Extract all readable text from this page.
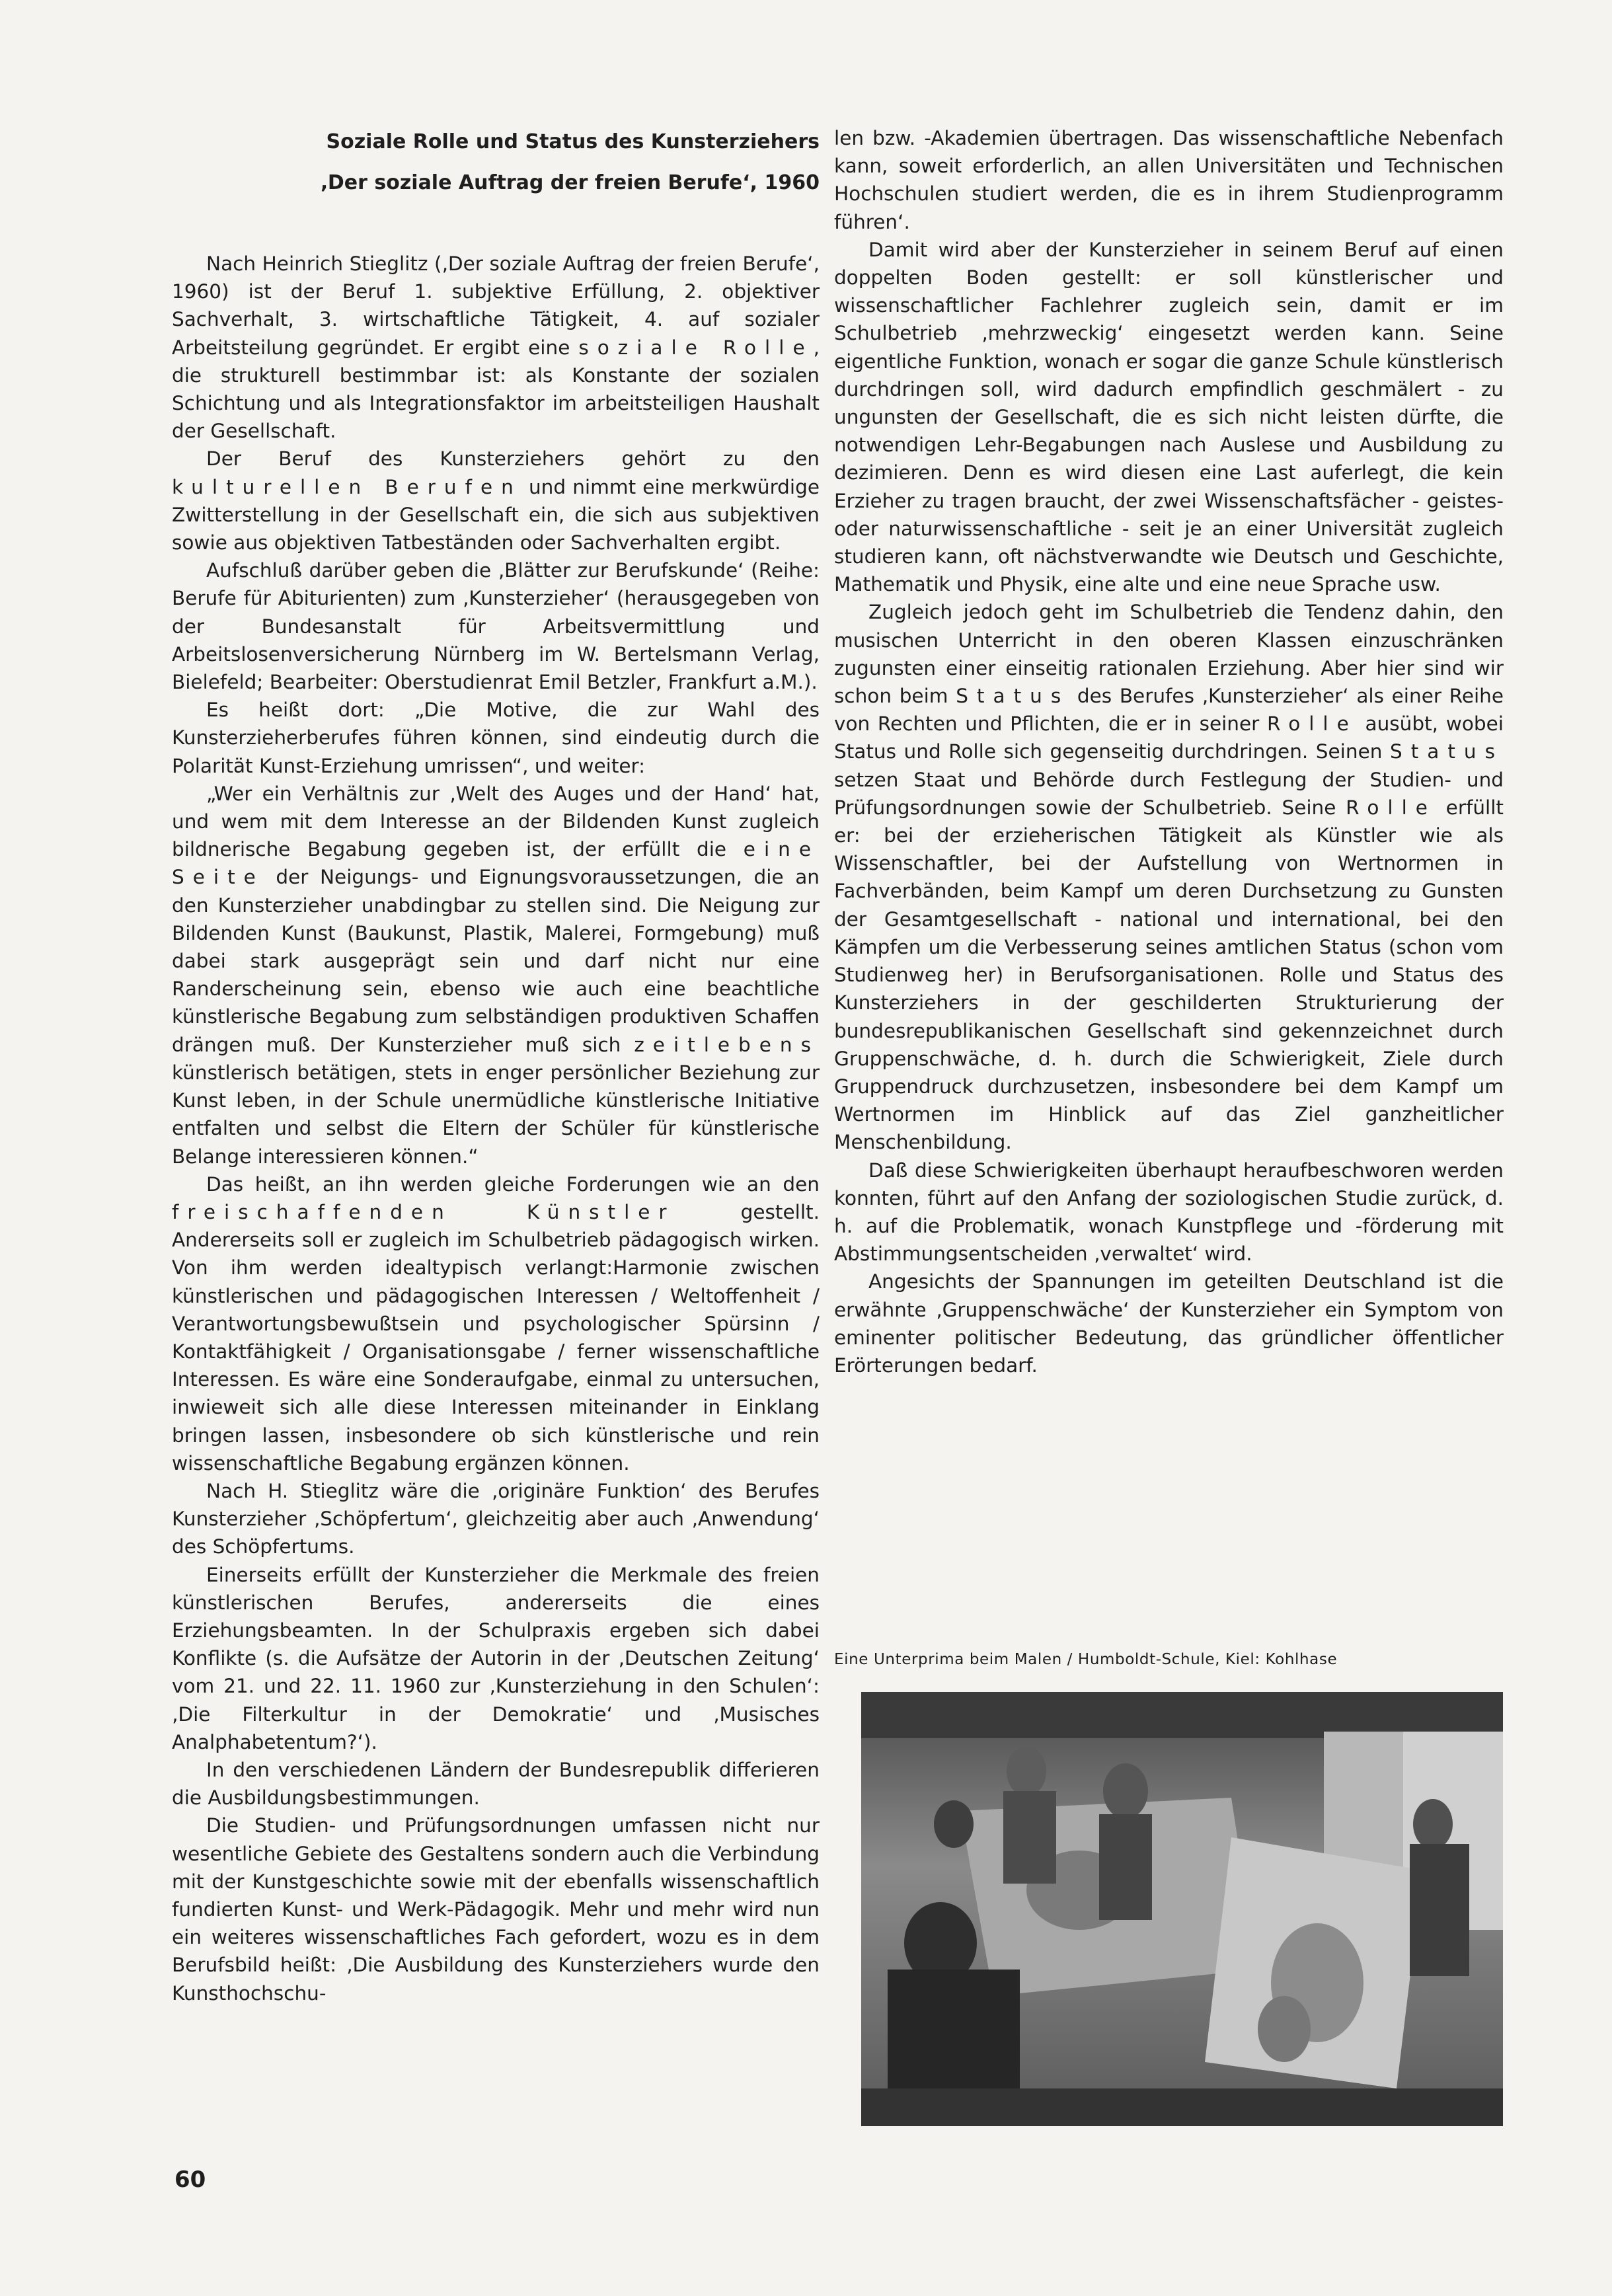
Soziale Rolle und Status des Kunsterziehers
‚Der soziale Auftrag der freien Berufe‘, 1960

Nach Heinrich Stieglitz (‚Der soziale Auftrag der freien Berufe‘, 1960) ist der Beruf 1. subjektive Erfüllung, 2. objektiver Sachverhalt, 3. wirtschaftliche Tätigkeit, 4. auf sozialer Arbeitsteilung gegründet. Er ergibt eine soziale Rolle, die strukturell bestimmbar ist: als Konstante der sozialen Schichtung und als Integrationsfaktor im arbeitsteiligen Haushalt der Gesellschaft.

Der Beruf des Kunsterziehers gehört zu den kulturellen Berufen und nimmt eine merkwürdige Zwitterstellung in der Gesellschaft ein, die sich aus subjektiven sowie aus objektiven Tatbeständen oder Sachverhalten ergibt.

Aufschluß darüber geben die ‚Blätter zur Berufskunde‘ (Reihe: Berufe für Abiturienten) zum ‚Kunsterzieher‘ (herausgegeben von der Bundesanstalt für Arbeitsvermittlung und Arbeitslosenversicherung Nürnberg im W. Bertelsmann Verlag, Bielefeld; Bearbeiter: Oberstudienrat Emil Betzler, Frankfurt a.M.).

Es heißt dort: „Die Motive, die zur Wahl des Kunsterzieherberufes führen können, sind eindeutig durch die Polarität Kunst-Erziehung umrissen“, und weiter:

„Wer ein Verhältnis zur ‚Welt des Auges und der Hand‘ hat, und wem mit dem Interesse an der Bildenden Kunst zugleich bildnerische Begabung gegeben ist, der erfüllt die eine Seite der Neigungs- und Eignungsvoraussetzungen, die an den Kunsterzieher unabdingbar zu stellen sind. Die Neigung zur Bildenden Kunst (Baukunst, Plastik, Malerei, Formgebung) muß dabei stark ausgeprägt sein und darf nicht nur eine Randerscheinung sein, ebenso wie auch eine beachtliche künstlerische Begabung zum selbständigen produktiven Schaffen drängen muß. Der Kunsterzieher muß sich zeitlebens künstlerisch betätigen, stets in enger persönlicher Beziehung zur Kunst leben, in der Schule unermüdliche künstlerische Initiative entfalten und selbst die Eltern der Schüler für künstlerische Belange interessieren können.“

Das heißt, an ihn werden gleiche Forderungen wie an den freischaffenden Künstler gestellt. Andererseits soll er zugleich im Schulbetrieb pädagogisch wirken. Von ihm werden idealtypisch verlangt:Harmonie zwischen künstlerischen und pädagogischen Interessen / Weltoffenheit / Verantwortungsbewußtsein und psychologischer Spürsinn / Kontaktfähigkeit / Organisationsgabe / ferner wissenschaftliche Interessen. Es wäre eine Sonderaufgabe, einmal zu untersuchen, inwieweit sich alle diese Interessen miteinander in Einklang bringen lassen, insbesondere ob sich künstlerische und rein wissenschaftliche Begabung ergänzen können.

Nach H. Stieglitz wäre die ‚originäre Funktion‘ des Berufes Kunsterzieher ‚Schöpfertum‘, gleichzeitig aber auch ‚Anwendung‘ des Schöpfertums.

Einerseits erfüllt der Kunsterzieher die Merkmale des freien künstlerischen Berufes, andererseits die eines Erziehungsbeamten. In der Schulpraxis ergeben sich dabei Konflikte (s. die Aufsätze der Autorin in der ‚Deutschen Zeitung‘ vom 21. und 22. 11. 1960 zur ‚Kunsterziehung in den Schulen‘: ‚Die Filterkultur in der Demokratie‘ und ‚Musisches Analphabetentum?‘).

In den verschiedenen Ländern der Bundesrepublik differieren die Ausbildungsbestimmungen.

Die Studien- und Prüfungsordnungen umfassen nicht nur wesentliche Gebiete des Gestaltens sondern auch die Verbindung mit der Kunstgeschichte sowie mit der ebenfalls wissenschaftlich fundierten Kunst- und Werk-Pädagogik. Mehr und mehr wird nun ein weiteres wissenschaftliches Fach gefordert, wozu es in dem Berufsbild heißt: ‚Die Ausbildung des Kunsterziehers wurde den Kunsthochschu-

len bzw. -Akademien übertragen. Das wissenschaftliche Nebenfach kann, soweit erforderlich, an allen Universitäten und Technischen Hochschulen studiert werden, die es in ihrem Studienprogramm führen‘.

Damit wird aber der Kunsterzieher in seinem Beruf auf einen doppelten Boden gestellt: er soll künstlerischer und wissenschaftlicher Fachlehrer zugleich sein, damit er im Schulbetrieb ‚mehrzweckig‘ eingesetzt werden kann. Seine eigentliche Funktion, wonach er sogar die ganze Schule künstlerisch durchdringen soll, wird dadurch empfindlich geschmälert - zu ungunsten der Gesellschaft, die es sich nicht leisten dürfte, die notwendigen Lehr-Begabungen nach Auslese und Ausbildung zu dezimieren. Denn es wird diesen eine Last auferlegt, die kein Erzieher zu tragen braucht, der zwei Wissenschaftsfächer - geistes- oder naturwissenschaftliche - seit je an einer Universität zugleich studieren kann, oft nächstverwandte wie Deutsch und Geschichte, Mathematik und Physik, eine alte und eine neue Sprache usw.

Zugleich jedoch geht im Schulbetrieb die Tendenz dahin, den musischen Unterricht in den oberen Klassen einzuschränken zugunsten einer einseitig rationalen Erziehung. Aber hier sind wir schon beim Status des Berufes ‚Kunsterzieher‘ als einer Reihe von Rechten und Pflichten, die er in seiner Rolle ausübt, wobei Status und Rolle sich gegenseitig durchdringen. Seinen Status setzen Staat und Behörde durch Festlegung der Studien- und Prüfungsordnungen sowie der Schulbetrieb. Seine Rolle erfüllt er: bei der erzieherischen Tätigkeit als Künstler wie als Wissenschaftler, bei der Aufstellung von Wertnormen in Fachverbänden, beim Kampf um deren Durchsetzung zu Gunsten der Gesamtgesellschaft - national und international, bei den Kämpfen um die Verbesserung seines amtlichen Status (schon vom Studienweg her) in Berufsorganisationen. Rolle und Status des Kunsterziehers in der geschilderten Strukturierung der bundesrepublikanischen Gesellschaft sind gekennzeichnet durch Gruppenschwäche, d. h. durch die Schwierigkeit, Ziele durch Gruppendruck durchzusetzen, insbesondere bei dem Kampf um Wertnormen im Hinblick auf das Ziel ganzheitlicher Menschenbildung.

Daß diese Schwierigkeiten überhaupt heraufbeschworen werden konnten, führt auf den Anfang der soziologischen Studie zurück, d. h. auf die Problematik, wonach Kunstpflege und -förderung mit Abstimmungsentscheiden ‚verwaltet‘ wird.

Angesichts der Spannungen im geteilten Deutschland ist die erwähnte ‚Gruppenschwäche‘ der Kunsterzieher ein Symptom von eminenter politischer Bedeutung, das gründlicher öffentlicher Erörterungen bedarf.

Eine Unterprima beim Malen / Humboldt-Schule, Kiel: Kohlhase
60
